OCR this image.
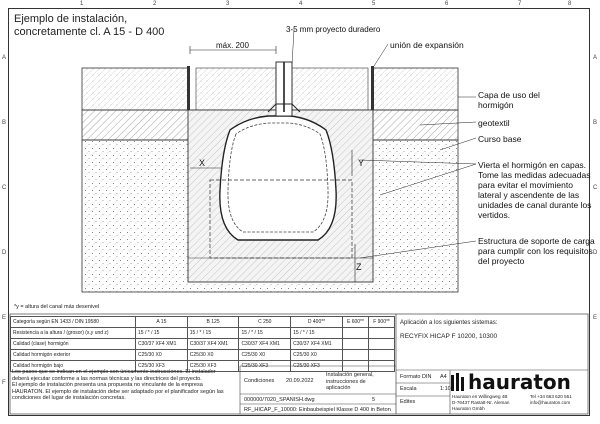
1	2	3	4	5	6	7	8
A
B
C
D
E
F
A
B
C
D
E
Ejemplo de instalación,
concretamente cl. A 15 - D 400	3-5 mm proyecto duradero
máx. 200	unión de expansión
Capa de uso del
hormigón
geotextil
Curso base
Vierta el hormigón en capas.
Tome las medidas adecuadas
para evitar el movimiento
lateral y ascendente de las
unidades de canal durante los
vertidos.
Estructura de soporte de carga
para cumplir con los requisitos
del proyecto
X	Y
Z
*y = altura del canal más deseniveI
Categoría según EN 1433 / DIN 19580	A 15	B 125	C 250	D 400**	E 600**	F 900**
Resistencia a la altura / (grosor) (x,y und z)	15 / * / 15	15 / * / 15	15 / * / 15	15 / * / 15		
Calidad (clase) hormigón	C30/37 XF4 XM1	C30/37 XF4 XM1	C30/37 XF4 XM1	C30/37 XF4 XM1		
Calidad hormigón exterior	C25/30 X0	C25/30 X0	C25/30 X0	C25/30 X0		
Calidad hormigón bajo	C25/30 XF3	C25/30 XF3	C25/30 XF3	C25/30 XF3		
Los pasos que se indican en el ejemplo son únicamente instrucciones. El instalador deberá ejecutar conforme a las normas técnicas y las directrices del proyecto.
El ejemplo de instalación presenta una propuesta no vinculante de la empresa HAURATON. El ejemplo de instalación debe ser adaptado por el planificador según las condiciones del lugar de instalación concretas.
Condiciones 20.09.2022
Instalación general, instrucciones de aplicación
000000/7020_SPANISH.dwg	5
RF_HICAP_F_10000: Einbaubeispiel Klasse D 400 in Beton
Aplicación a los siguientes sistemas:
RECYFIX HICAP F 10200, 10300
Formato DIN A4
Escala	1:10
Edites
hauraton
Hauraton en Willingweg 4B
D-76437 Rastatt-Nr. Aleman
Hauraton Gmbh
Tel +34 663 620 551
info@hauraton.com
